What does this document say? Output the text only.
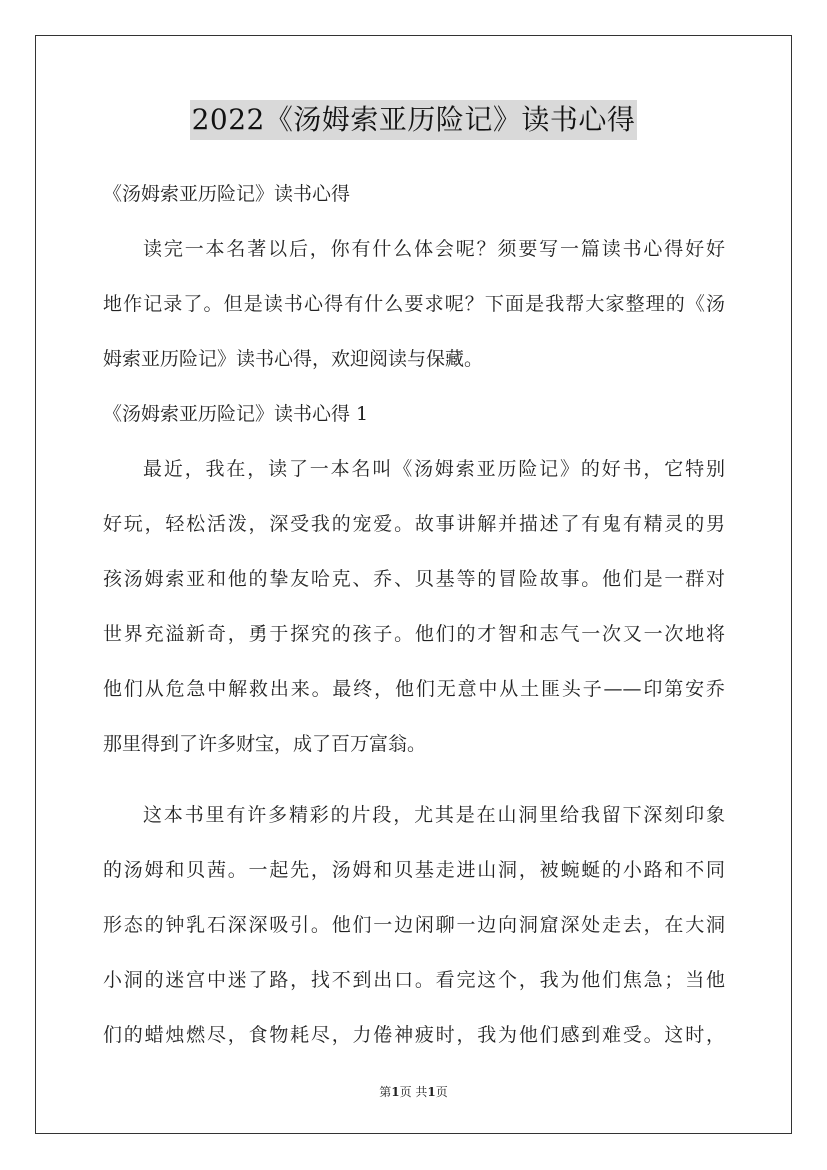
2022《汤姆索亚历险记》读书心得
《汤姆索亚历险记》读书心得
读完一本名著以后，你有什么体会呢？须要写一篇读书心得好好
地作记录了。但是读书心得有什么要求呢？下面是我帮大家整理的《汤
姆索亚历险记》读书心得，欢迎阅读与保藏。
《汤姆索亚历险记》读书心得 1
最近，我在，读了一本名叫《汤姆索亚历险记》的好书，它特别
好玩，轻松活泼，深受我的宠爱。故事讲解并描述了有鬼有精灵的男
孩汤姆索亚和他的挚友哈克、乔、贝基等的冒险故事。他们是一群对
世界充溢新奇，勇于探究的孩子。他们的才智和志气一次又一次地将
他们从危急中解救出来。最终，他们无意中从土匪头子——印第安乔
那里得到了许多财宝，成了百万富翁。
这本书里有许多精彩的片段，尤其是在山洞里给我留下深刻印象
的汤姆和贝茜。一起先，汤姆和贝基走进山洞，被蜿蜒的小路和不同
形态的钟乳石深深吸引。他们一边闲聊一边向洞窟深处走去，在大洞
小洞的迷宫中迷了路，找不到出口。看完这个，我为他们焦急；当他
们的蜡烛燃尽，食物耗尽，力倦神疲时，我为他们感到难受。这时，
第1页 共1页
